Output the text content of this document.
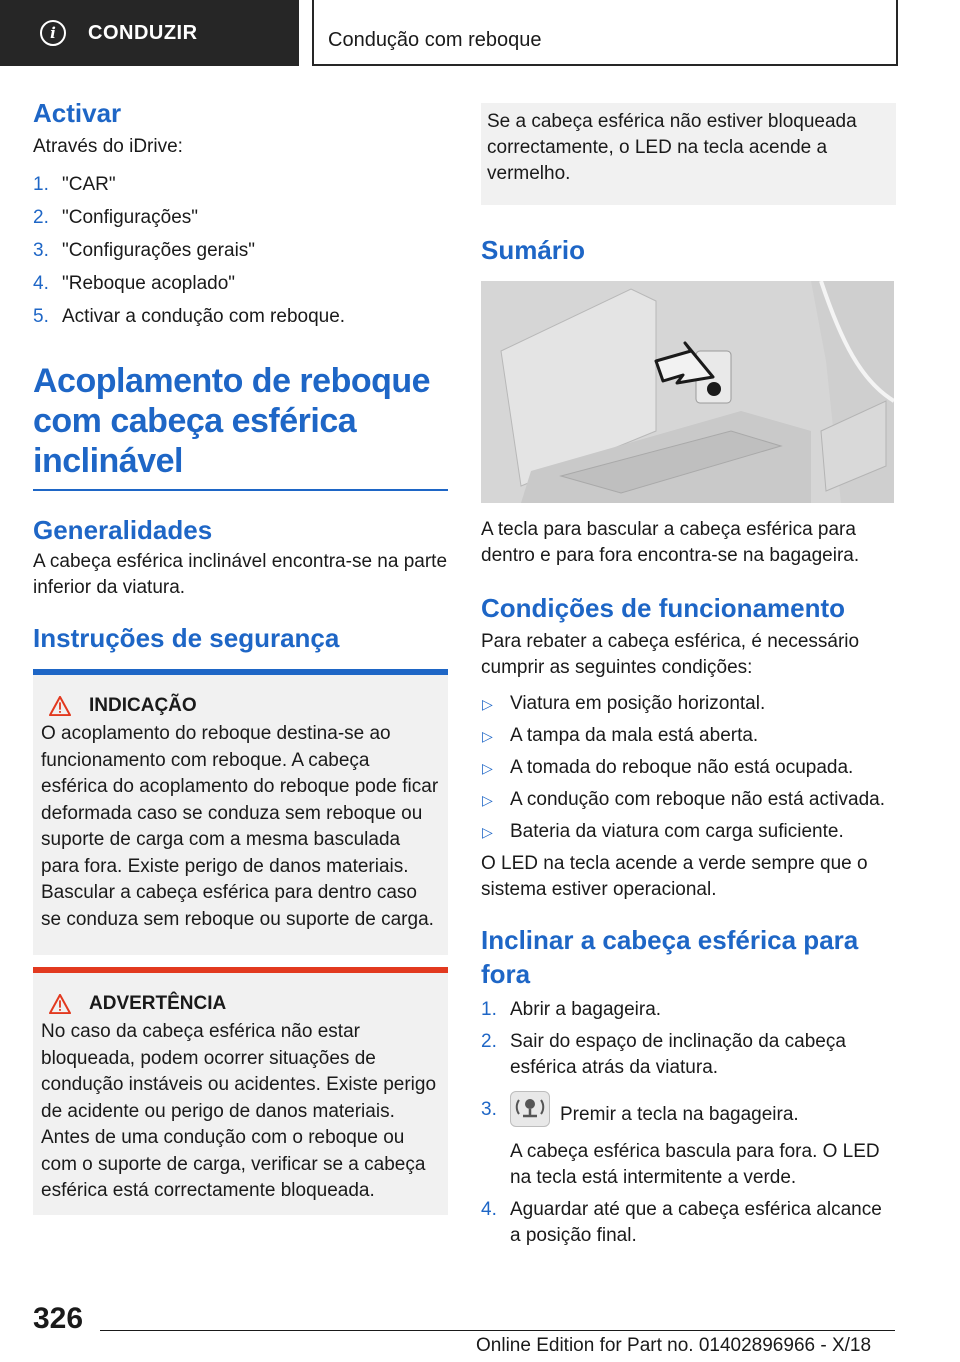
i	CONDUZIR	Condução com reboque
Activar

Através do iDrive:

1. "CAR"
2. "Configurações"
3. "Configurações gerais"
4. "Reboque acoplado"
5. Activar a condução com reboque.
Acoplamento de reboque
com cabeça esférica
inclinável
Generalidades

A cabeça esférica inclinável encontra-se na parte inferior da viatura.

Instruções de segurança
INDICAÇÃO

O acoplamento do reboque destina-se ao funcionamento com reboque. A cabeça esférica do acoplamento do reboque pode ficar deformada caso se conduza sem reboque ou suporte de carga com a mesma basculada para fora. Existe perigo de danos materiais. Bascular a cabeça esférica para dentro caso se conduza sem reboque ou suporte de carga.

ADVERTÊNCIA

No caso da cabeça esférica não estar bloqueada, podem ocorrer situações de condução instáveis ou acidentes. Existe perigo de acidente ou perigo de danos materiais. Antes de uma condução com o reboque ou com o suporte de carga, verificar se a cabeça esférica está correctamente bloqueada.

Se a cabeça esférica não estiver bloqueada correctamente, o LED na tecla acende a vermelho.

Sumário

A tecla para bascular a cabeça esférica para dentro e para fora encontra-se na bagageira.

Condições de funcionamento

Para rebater a cabeça esférica, é necessário cumprir as seguintes condições:

▷ Viatura em posição horizontal.
▷ A tampa da mala está aberta.
▷ A tomada do reboque não está ocupada.
▷ A condução com reboque não está activada.
▷ Bateria da viatura com carga suficiente.

O LED na tecla acende a verde sempre que o sistema estiver operacional.

Inclinar a cabeça esférica para
fora
1. Abrir a bagageira.
2. Sair do espaço de inclinação da cabeça esférica atrás da viatura.
3.	Premir a tecla na bagageira.
A cabeça esférica bascula para fora. O LED na tecla está intermitente a verde.
4. Aguardar até que a cabeça esférica alcance a posição final.
326
Online Edition for Part no. 01402896966 - X/18
